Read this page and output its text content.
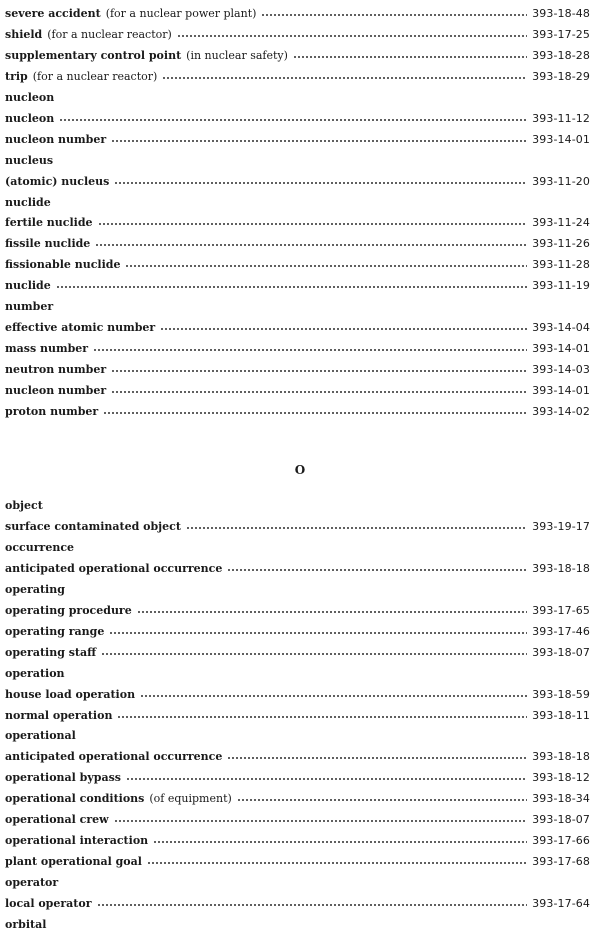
O
severe accident (for a nuclear power plant)	393-18-48
shield (for a nuclear reactor)	393-17-25
supplementary control point (in nuclear safety)	393-18-28
trip (for a nuclear reactor)	393-18-29
nucleon
nucleon	393-11-12
nucleon number	393-14-01
nucleus
(atomic) nucleus	393-11-20
nuclide
fertile nuclide	393-11-24
fissile nuclide	393-11-26
fissionable nuclide	393-11-28
nuclide	393-11-19
number
effective atomic number	393-14-04
mass number	393-14-01
neutron number	393-14-03
nucleon number	393-14-01
proton number	393-14-02
object
surface contaminated object	393-19-17
occurrence
anticipated operational occurrence	393-18-18
operating
operating procedure	393-17-65
operating range	393-17-46
operating staff	393-18-07
operation
house load operation	393-18-59
normal operation	393-18-11
operational
anticipated operational occurrence	393-18-18
operational bypass	393-18-12
operational conditions (of equipment)	393-18-34
operational crew	393-18-07
operational interaction	393-17-66
plant operational goal	393-17-68
operator
local operator	393-17-64
orbital
